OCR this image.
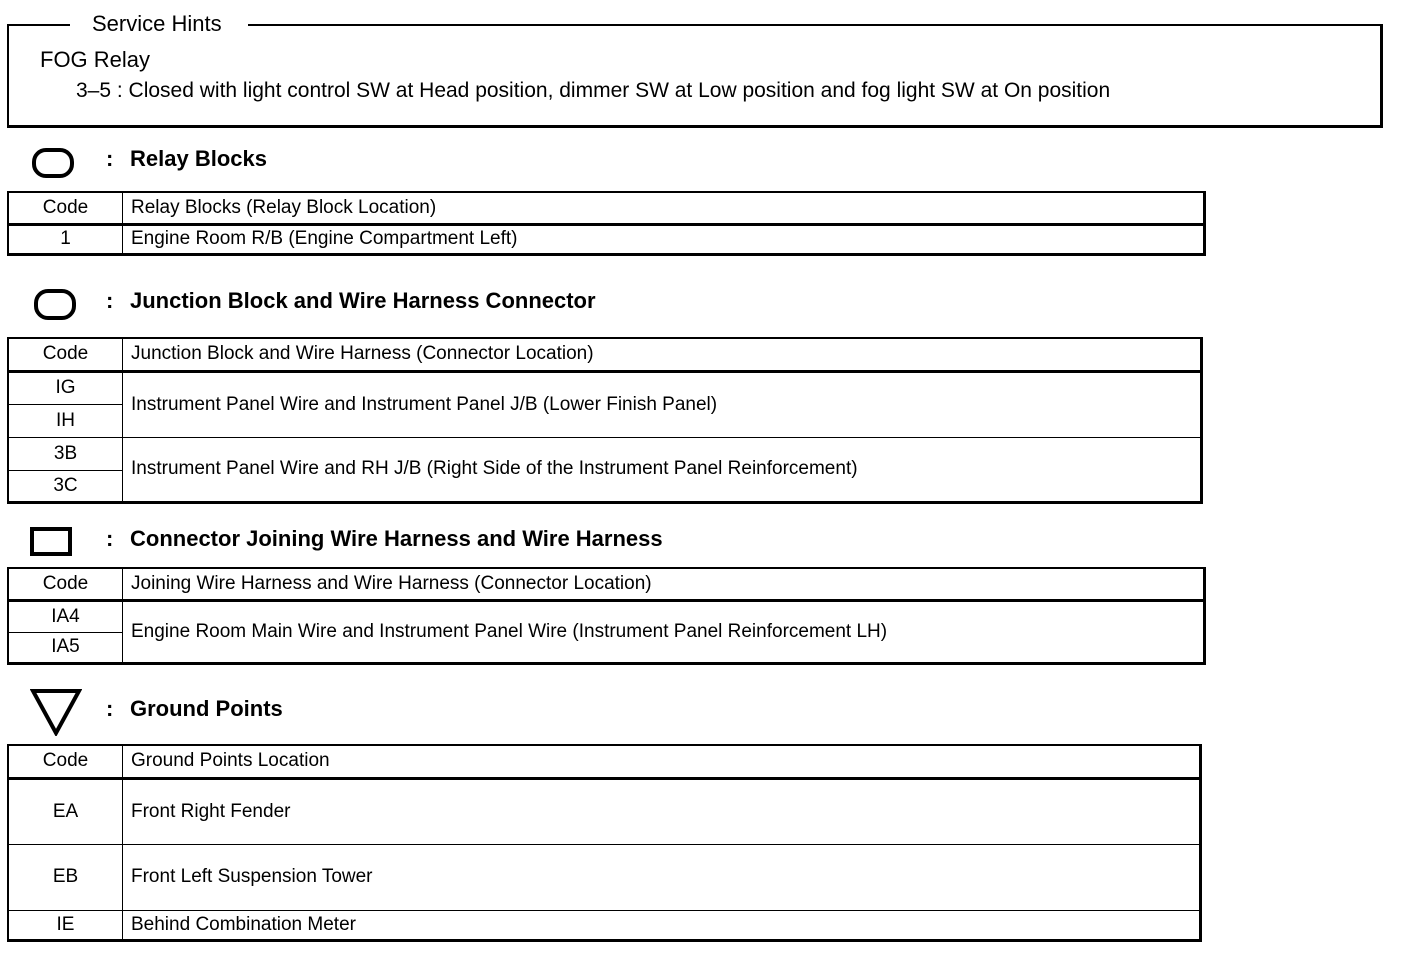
Service Hints
FOG Relay
3–5 : Closed with light control SW at Head position, dimmer SW at Low position and fog light SW at On position
: Relay Blocks
Code	Relay Blocks (Relay Block Location)
1	Engine Room R/B (Engine Compartment Left)
: Junction Block and Wire Harness Connector
Code	Junction Block and Wire Harness (Connector Location)
IG	Instrument Panel Wire and Instrument Panel J/B (Lower Finish Panel)
IH	
3B	Instrument Panel Wire and RH J/B (Right Side of the Instrument Panel Reinforcement)
3C	
: Connector Joining Wire Harness and Wire Harness
Code	Joining Wire Harness and Wire Harness (Connector Location)
IA4	Engine Room Main Wire and Instrument Panel Wire (Instrument Panel Reinforcement LH)
IA5	
: Ground Points
Code	Ground Points Location
EA	Front Right Fender
EB	Front Left Suspension Tower
IE	Behind Combination Meter
